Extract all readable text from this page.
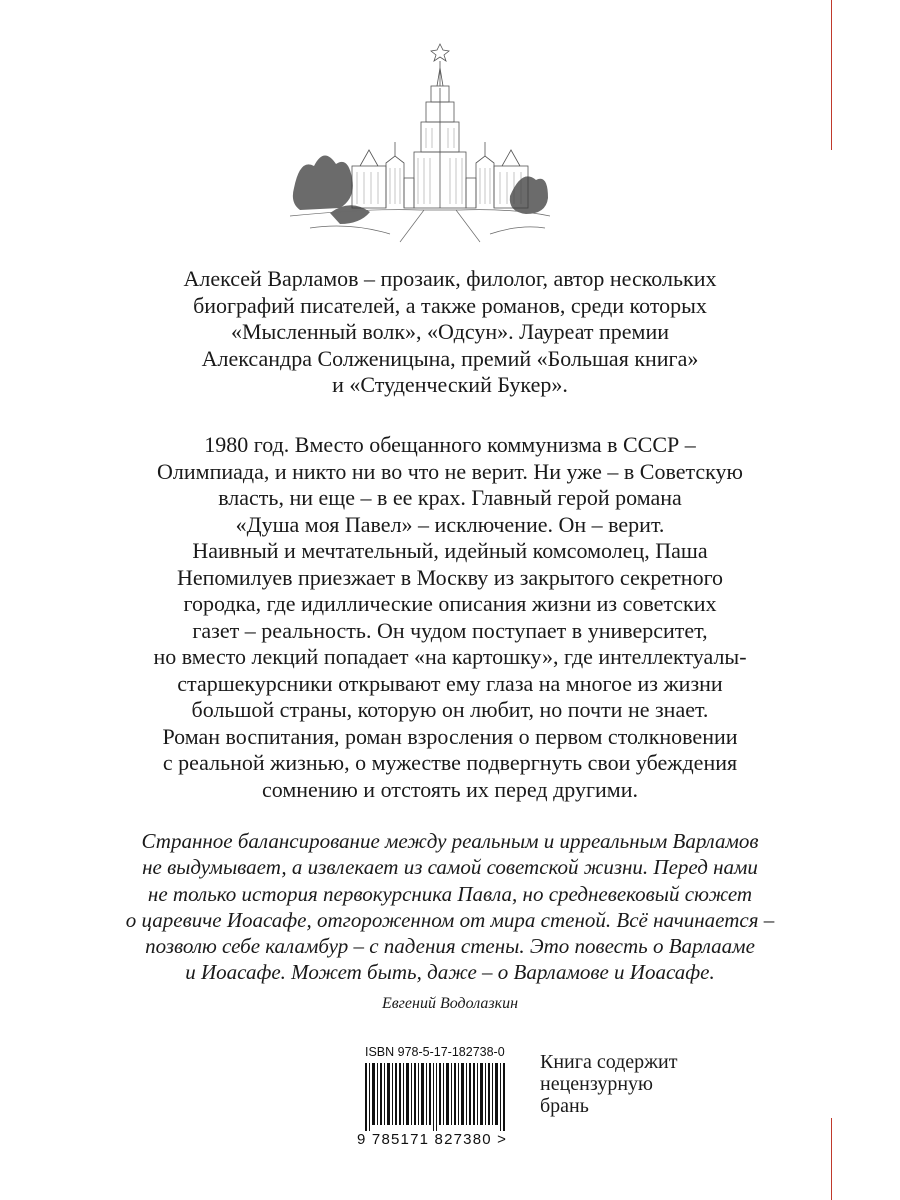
Алексей Варламов – прозаик, филолог, автор нескольких
биографий писателей, а также романов, среди которых
«Мысленный волк», «Одсун». Лауреат премии
Александра Солженицына, премий «Большая книга»
и «Студенческий Букер».
1980 год. Вместо обещанного коммунизма в СССР –
Олимпиада, и никто ни во что не верит. Ни уже – в Советскую
власть, ни еще – в ее крах. Главный герой романа
«Душа моя Павел» – исключение. Он – верит.
Наивный и мечтательный, идейный комсомолец, Паша
Непомилуев приезжает в Москву из закрытого секретного
городка, где идиллические описания жизни из советских
газет – реальность. Он чудом поступает в университет,
но вместо лекций попадает «на картошку», где интеллектуалы-
старшекурсники открывают ему глаза на многое из жизни
большой страны, которую он любит, но почти не знает.
Роман воспитания, роман взросления о первом столкновении
с реальной жизнью, о мужестве подвергнуть свои убеждения
сомнению и отстоять их перед другими.
Странное балансирование между реальным и ирреальным Варламов
не выдумывает, а извлекает из самой советской жизни. Перед нами
не только история первокурсника Павла, но средневековый сюжет
о царевиче Иоасафе, отгороженном от мира стеной. Всё начинается –
позволю себе каламбур – с падения стены. Это повесть о Варлааме
и Иоасафе. Может быть, даже – о Варламове и Иоасафе.

Евгений Водолазкин

ISBN 978-5-17-182738-0
9 785171 827380 >
Книга содержит
нецензурную
брань
